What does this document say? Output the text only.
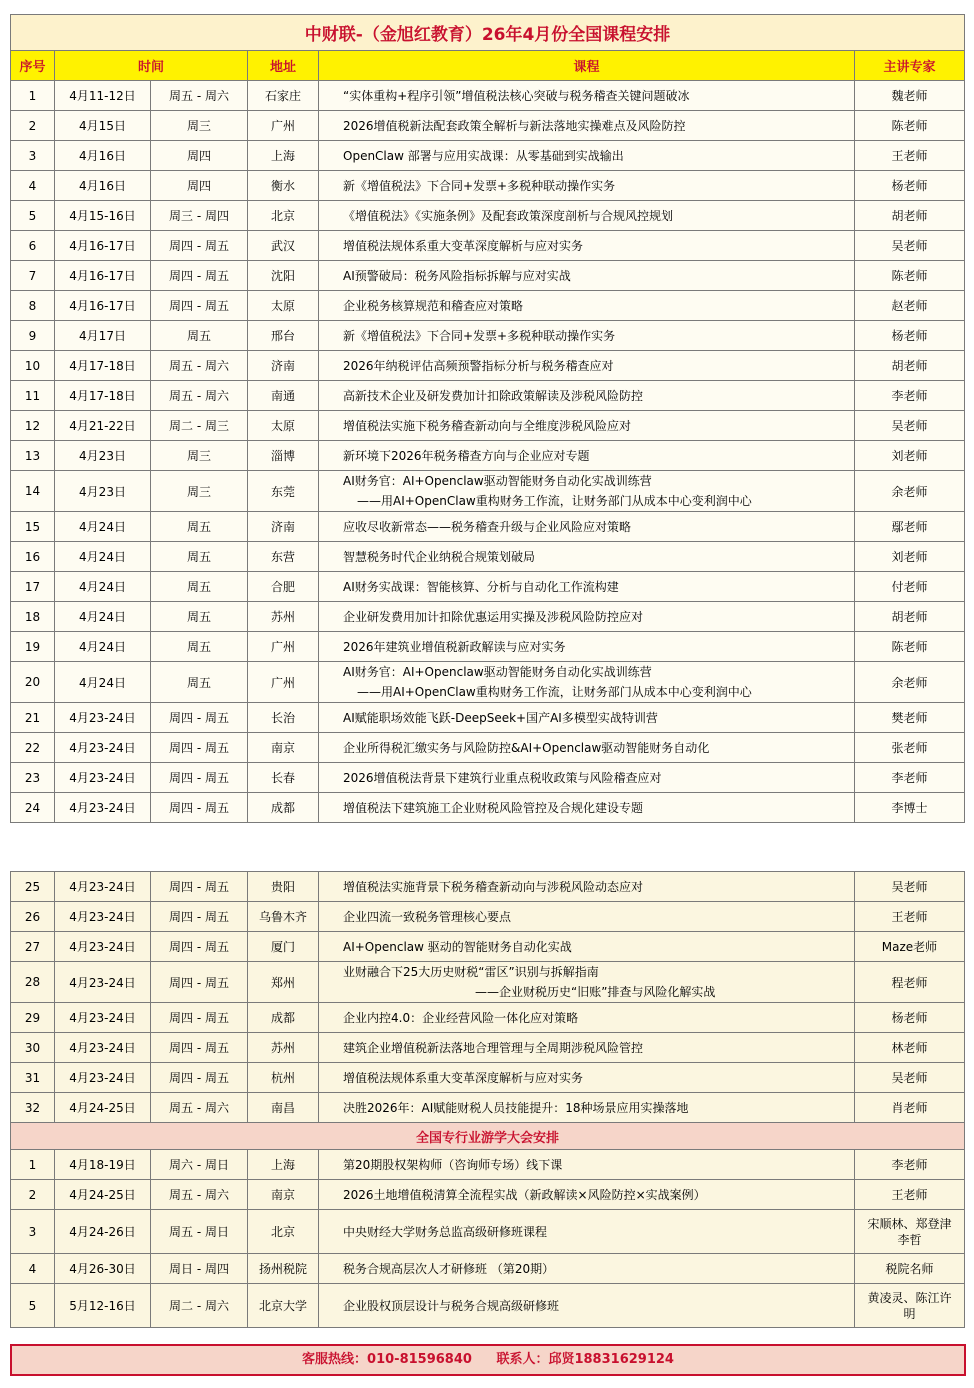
中财联-（金旭红教育）26年4月份全国课程安排					
序号	时间		地址	课程	主讲专家
1	4月11-12日	周五 - 周六	石家庄	“实体重构+程序引领”增值税法核心突破与税务稽查关键问题破冰	魏老师
2	4月15日	周三	广州	2026增值税新法配套政策全解析与新法落地实操难点及风险防控	陈老师
3	4月16日	周四	上海	OpenClaw 部署与应用实战课：从零基础到实战输出	王老师
4	4月16日	周四	衡水	新《增值税法》下合同+发票+多税种联动操作实务	杨老师
5	4月15-16日	周三 - 周四	北京	《增值税法》《实施条例》及配套政策深度剖析与合规风控规划	胡老师
6	4月16-17日	周四 - 周五	武汉	增值税法规体系重大变革深度解析与应对实务	吴老师
7	4月16-17日	周四 - 周五	沈阳	AI预警破局：税务风险指标拆解与应对实战	陈老师
8	4月16-17日	周四 - 周五	太原	企业税务核算规范和稽查应对策略	赵老师
9	4月17日	周五	邢台	新《增值税法》下合同+发票+多税种联动操作实务	杨老师
10	4月17-18日	周五 - 周六	济南	2026年纳税评估高频预警指标分析与税务稽查应对	胡老师
11	4月17-18日	周五 - 周六	南通	高新技术企业及研发费加计扣除政策解读及涉税风险防控	李老师
12	4月21-22日	周二 - 周三	太原	增值税法实施下税务稽查新动向与全维度涉税风险应对	吴老师
13	4月23日	周三	淄博	新环境下2026年税务稽查方向与企业应对专题	刘老师
14	4月23日	周三	东莞	AI财务官：AI+Openclaw驱动智能财务自动化实战训练营
——用AI+OpenClaw重构财务工作流，让财务部门从成本中心变利润中心	余老师
15	4月24日	周五	济南	应收尽收新常态——税务稽查升级与企业风险应对策略	鄢老师
16	4月24日	周五	东营	智慧税务时代企业纳税合规策划破局	刘老师
17	4月24日	周五	合肥	AI财务实战课：智能核算、分析与自动化工作流构建	付老师
18	4月24日	周五	苏州	企业研发费用加计扣除优惠运用实操及涉税风险防控应对	胡老师
19	4月24日	周五	广州	2026年建筑业增值税新政解读与应对实务	陈老师
20	4月24日	周五	广州	AI财务官：AI+Openclaw驱动智能财务自动化实战训练营
——用AI+OpenClaw重构财务工作流，让财务部门从成本中心变利润中心	余老师
21	4月23-24日	周四 - 周五	长治	AI赋能职场效能飞跃-DeepSeek+国产AI多模型实战特训营	樊老师
22	4月23-24日	周四 - 周五	南京	企业所得税汇缴实务与风险防控&AI+Openclaw驱动智能财务自动化	张老师
23	4月23-24日	周四 - 周五	长春	2026增值税法背景下建筑行业重点税收政策与风险稽查应对	李老师
24	4月23-24日	周四 - 周五	成都	增值税法下建筑施工企业财税风险管控及合规化建设专题	李博士
25	4月23-24日	周四 - 周五	贵阳	增值税法实施背景下税务稽查新动向与涉税风险动态应对	吴老师
26	4月23-24日	周四 - 周五	乌鲁木齐	企业四流一致税务管理核心要点	王老师
27	4月23-24日	周四 - 周五	厦门	AI+Openclaw 驱动的智能财务自动化实战	Maze老师
28	4月23-24日	周四 - 周五	郑州	业财融合下25大历史财税“雷区”识别与拆解指南
——企业财税历史“旧账”排查与风险化解实战	程老师
29	4月23-24日	周四 - 周五	成都	企业内控4.0：企业经营风险一体化应对策略	杨老师
30	4月23-24日	周四 - 周五	苏州	建筑企业增值税新法落地合理管理与全周期涉税风险管控	林老师
31	4月23-24日	周四 - 周五	杭州	增值税法规体系重大变革深度解析与应对实务	吴老师
32	4月24-25日	周五 - 周六	南昌	决胜2026年：AI赋能财税人员技能提升：18种场景应用实操落地	肖老师
全国专行业游学大会安排					
1	4月18-19日	周六 - 周日	上海	第20期股权架构师（咨询师专场）线下课	李老师
2	4月24-25日	周五 - 周六	南京	2026土地增值税清算全流程实战（新政解读×风险防控×实战案例）	王老师
3	4月24-26日	周五 - 周日	北京	中央财经大学财务总监高级研修班课程	宋顺林、郑登津李哲
4	4月26-30日	周日 - 周四	扬州税院	税务合规高层次人才研修班 （第20期）	税院名师
5	5月12-16日	周二 - 周六	北京大学	企业股权顶层设计与税务合规高级研修班	黄凌灵、陈江许明
客服热线：010-81596840 联系人：邱贤18831629124
